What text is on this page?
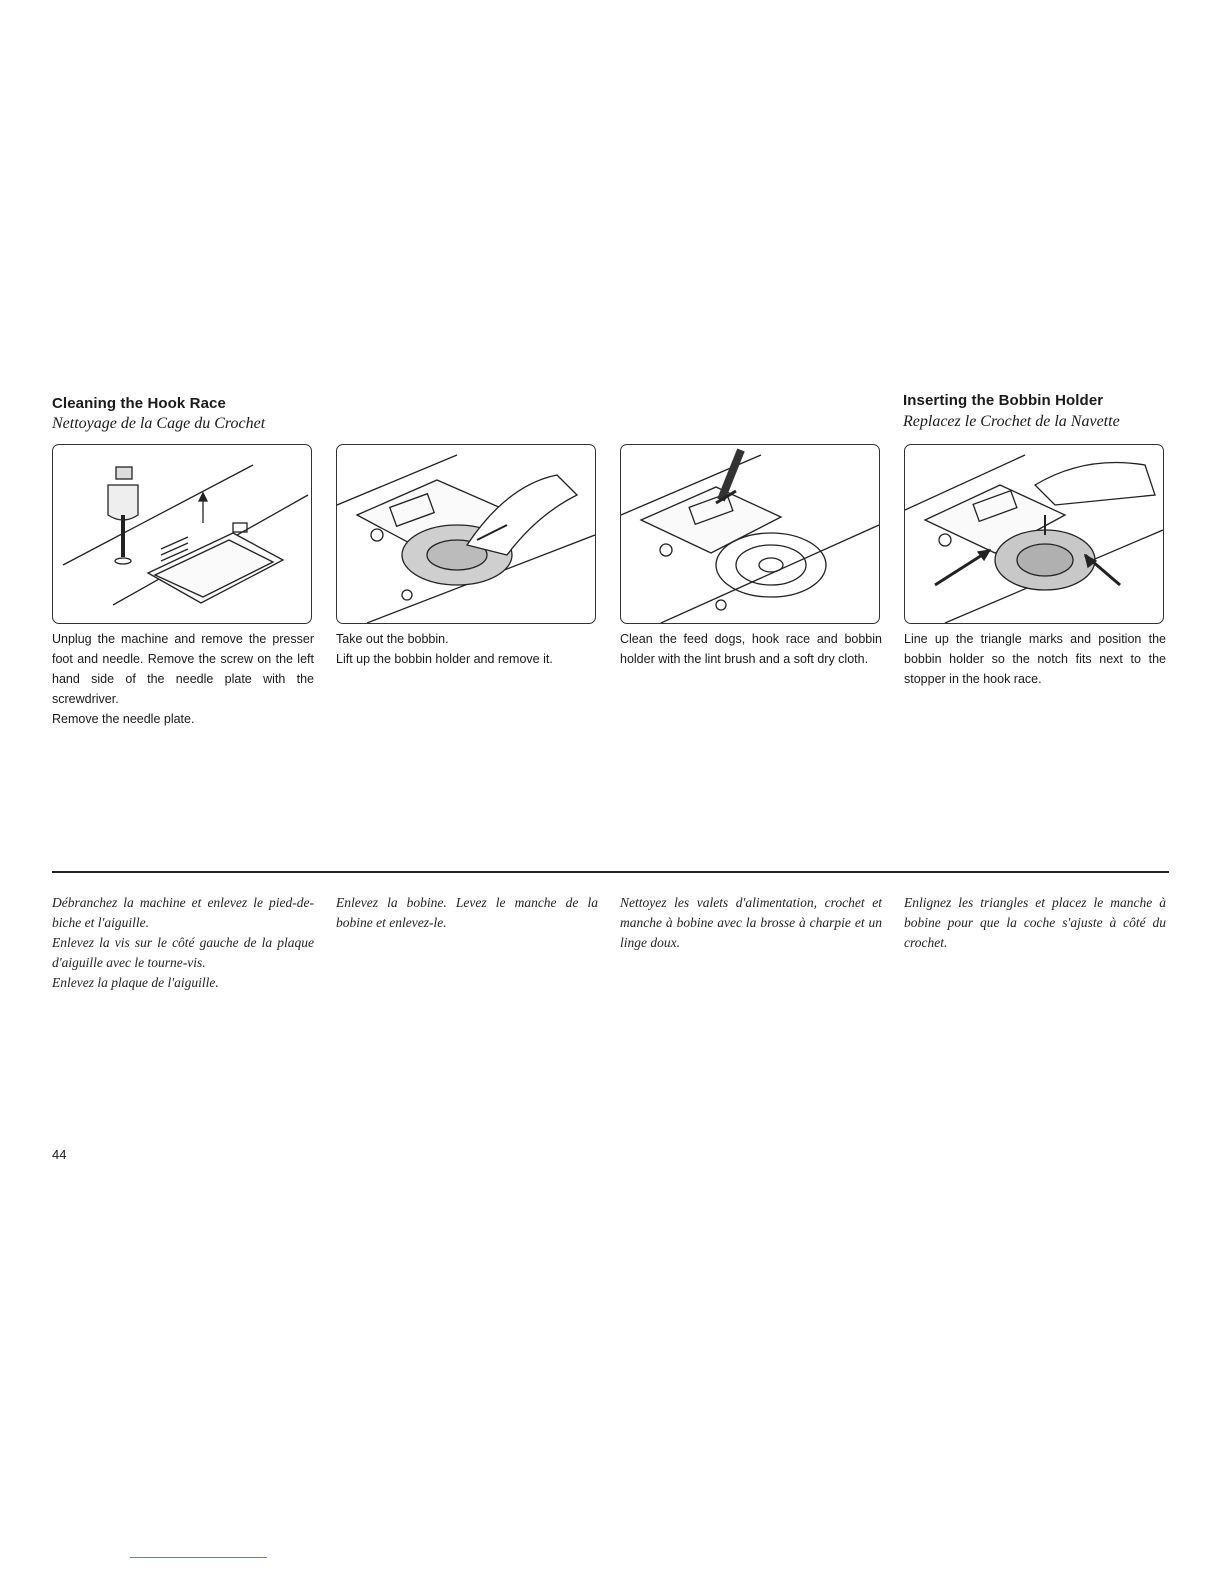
Cleaning the Hook Race
Nettoyage de la Cage du Crochet
Inserting the Bobbin Holder
Replacez le Crochet de la Navette

Unplug the machine and remove the presser foot and needle. Remove the screw on the left hand side of the needle plate with the screwdriver.

Remove the needle plate.

Take out the bobbin.

Lift up the bobbin holder and remove it.

Clean the feed dogs, hook race and bobbin holder with the lint brush and a soft dry cloth.

Line up the triangle marks and position the bobbin holder so the notch fits next to the stopper in the hook race.

Débranchez la machine et enlevez le pied-de-biche et l'aiguille.

Enlevez la vis sur le côté gauche de la plaque d'aiguille avec le tourne-vis.

Enlevez la plaque de l'aiguille.

Enlevez la bobine. Levez le manche de la bobine et enlevez-le.

Nettoyez les valets d'alimentation, crochet et manche à bobine avec la brosse à charpie et un linge doux.

Enlignez les triangles et placez le manche à bobine pour que la coche s'ajuste à côté du crochet.

44
